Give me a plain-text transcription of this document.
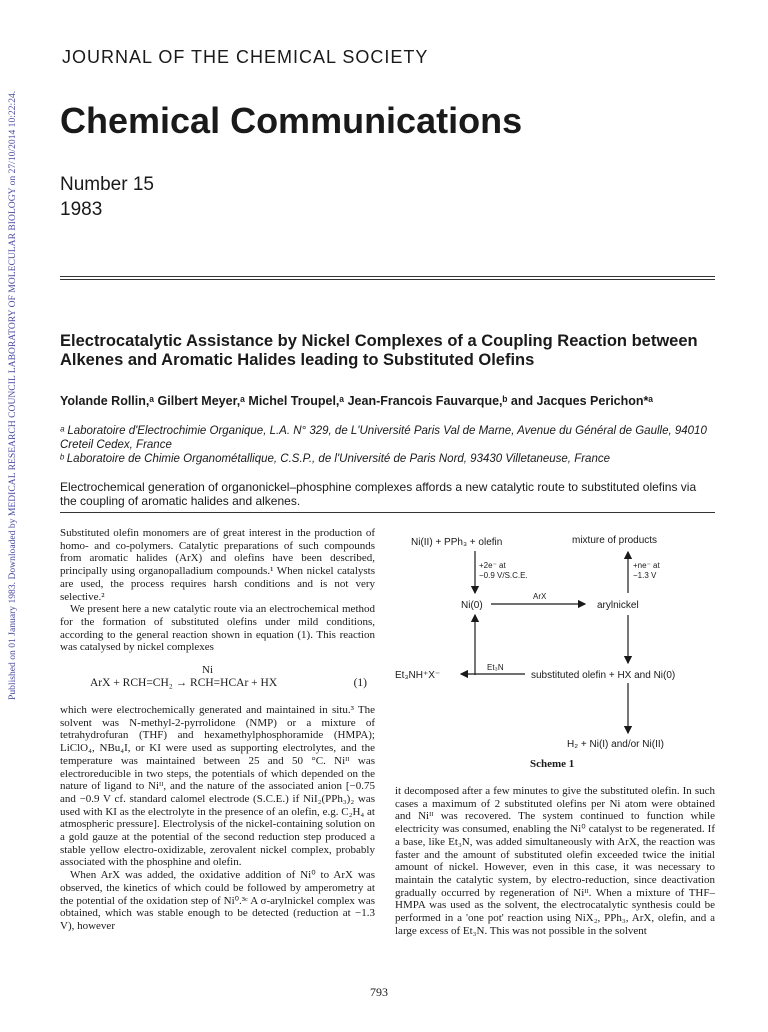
Published on 01 January 1983. Downloaded by MEDICAL RESEARCH COUNCIL LABORATORY OF MOLECULAR BIOLOGY on 27/10/2014 10:22:24.
JOURNAL OF THE CHEMICAL SOCIETY
Chemical Communications
Number 15
1983
Electrocatalytic Assistance by Nickel Complexes of a Coupling Reaction between Alkenes and Aromatic Halides leading to Substituted Olefins
Yolande Rollin,ᵃ Gilbert Meyer,ᵃ Michel Troupel,ᵃ Jean-Francois Fauvarque,ᵇ and Jacques Perichon*ᵃ

ᵃ Laboratoire d'Electrochimie Organique, L.A. N° 329, de L'Université Paris Val de Marne, Avenue du Général de Gaulle, 94010 Creteil Cedex, France

ᵇ Laboratoire de Chimie Organométallique, C.S.P., de l'Université de Paris Nord, 93430 Villetaneuse, France

Electrochemical generation of organonickel–phosphine complexes affords a new catalytic route to substituted olefins via the coupling of aromatic halides and alkenes.

Substituted olefin monomers are of great interest in the production of homo- and co-polymers. Catalytic preparations of such compounds from aromatic halides (ArX) and olefins have been described, principally using organopalladium compounds.¹ When nickel catalysts are used, the process requires harsh conditions and is not very selective.²

We present here a new catalytic route via an electrochemical method for the formation of substituted olefins under mild conditions, according to the general reaction shown in equation (1). This reaction was catalysed by nickel complexes

Ni
ArX + RCH=CH₂ → RCH=HCAr + HX	(1)

which were electrochemically generated and maintained in situ.³ The solvent was N-methyl-2-pyrrolidone (NMP) or a mixture of tetrahydrofuran (THF) and hexamethylphosphoramide (HMPA); LiClO₄, NBu₄I, or KI were used as supporting electrolytes, and the temperature was maintained between 25 and 50 °C. Niᴵᴵ was electroreducible in two steps, the potentials of which depended on the nature of ligand to Niᴵᴵ, and the nature of the associated anion [−0.75 and −0.9 V cf. standard calomel electrode (S.C.E.) if NiI₂(PPh₃)₂ was used with KI as the electrolyte in the presence of an olefin, e.g. C₂H₄ at atmospheric pressure]. Electrolysis of the nickel-containing solution on a gold gauze at the potential of the second reduction step produced a stable yellow electro-oxidizable, zerovalent nickel complex, probably associated with the phosphine and olefin.

When ArX was added, the oxidative addition of Ni⁰ to ArX was observed, the kinetics of which could be followed by amperometry at the potential of the oxidation step of Ni⁰.³ᶜ A σ-arylnickel complex was obtained, which was stable enough to be detected (reduction at −1.3 V), however

Ni(II) + PPh₃ + olefin	mixture of products
+2e⁻ at
−0.9 V/S.C.E.
+ne⁻ at
−1.3 V
Ni(0)
ArX
arylnickel
Et₃NH⁺X⁻
Et₃N
substituted olefin + HX and Ni(0)
H₂ + Ni(I) and/or Ni(II)
Scheme 1

it decomposed after a few minutes to give the substituted olefin. In such cases a maximum of 2 substituted olefins per Ni atom were obtained and Niᴵᴵ was recovered. The system continued to function while electricity was consumed, enabling the Ni⁰ catalyst to be regenerated. If a base, like Et₃N, was added simultaneously with ArX, the reaction was faster and the amount of substituted olefin exceeded twice the initial amount of nickel. However, even in this case, it was necessary to maintain the catalytic system, by electro-reduction, since deactivation gradually occurred by regeneration of Niᴵᴵ. When a mixture of THF–HMPA was used as the solvent, the electrocatalytic synthesis could be performed in a 'one pot' reaction using NiX₂, PPh₃, ArX, olefin, and a large excess of Et₃N. This was not possible in the solvent

793
